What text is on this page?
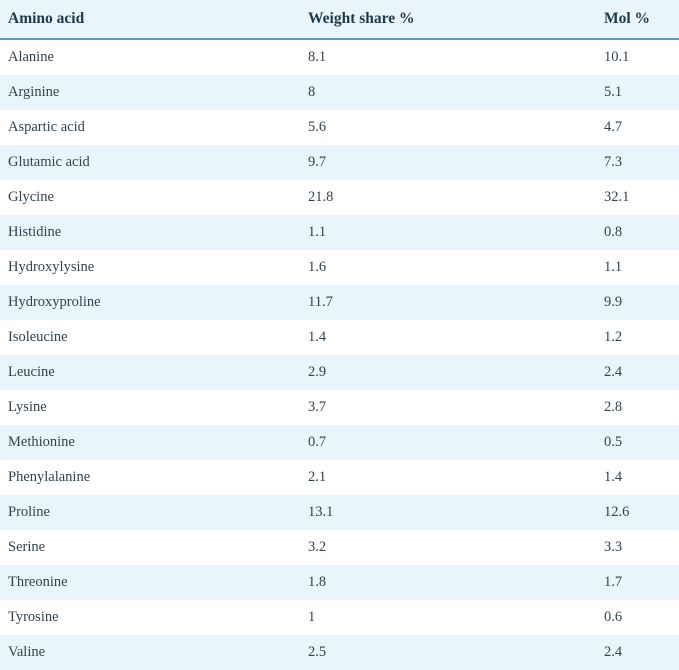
Amino acid	Weight share %	Mol %
Alanine	8.1	10.1
Arginine	8	5.1
Aspartic acid	5.6	4.7
Glutamic acid	9.7	7.3
Glycine	21.8	32.1
Histidine	1.1	0.8
Hydroxylysine	1.6	1.1
Hydroxyproline	11.7	9.9
Isoleucine	1.4	1.2
Leucine	2.9	2.4
Lysine	3.7	2.8
Methionine	0.7	0.5
Phenylalanine	2.1	1.4
Proline	13.1	12.6
Serine	3.2	3.3
Threonine	1.8	1.7
Tyrosine	1	0.6
Valine	2.5	2.4
